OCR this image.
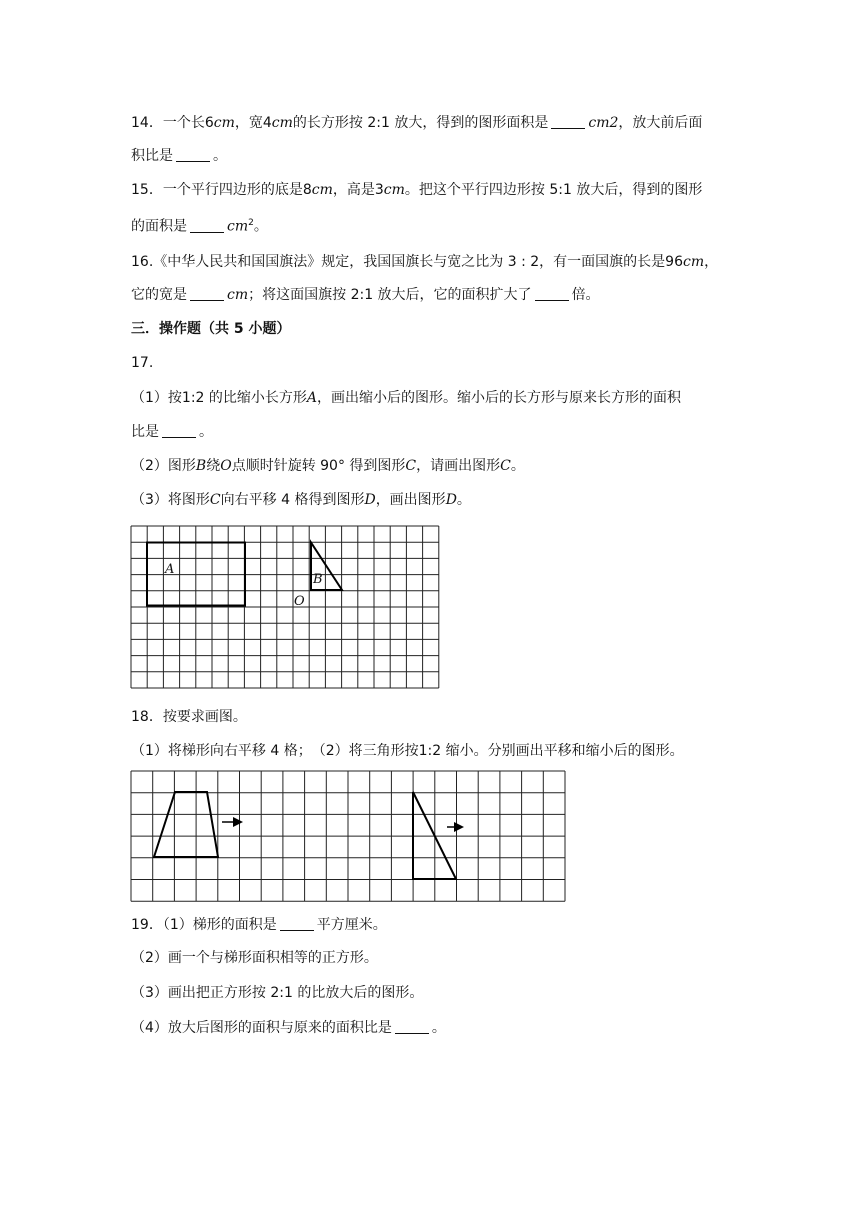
14．一个长6cm，宽4cm的长方形按 2:1 放大，得到的图形面积是	cm2，放大前后面
积比是	。
15．一个平行四边形的底是8cm，高是3cm。把这个平行四边形按 5:1 放大后，得到的图形
的面积是	$cm^2$。
16.《中华人民共和国国旗法》规定，我国国旗长与宽之比为 3 : 2，有一面国旗的长是96cm，
它的宽是	cm；将这面国旗按 2:1 放大后，它的面积扩大了	倍。
三．操作题（共 5 小题）
17.
（1）按1:2 的比缩小长方形A，画出缩小后的图形。缩小后的长方形与原来长方形的面积
比是	。
（2）图形B绕O点顺时针旋转 90° 得到图形C，请画出图形C。
（3）将图形C向右平移 4 格得到图形D，画出图形D。
A
B
O
18．按要求画图。
（1）将梯形向右平移 4 格；　（2）将三角形按1:2 缩小。分别画出平移和缩小后的图形。
19．（1）梯形的面积是	平方厘米。
（2）画一个与梯形面积相等的正方形。
（3）画出把正方形按 2:1 的比放大后的图形。
（4）放大后图形的面积与原来的面积比是	。
